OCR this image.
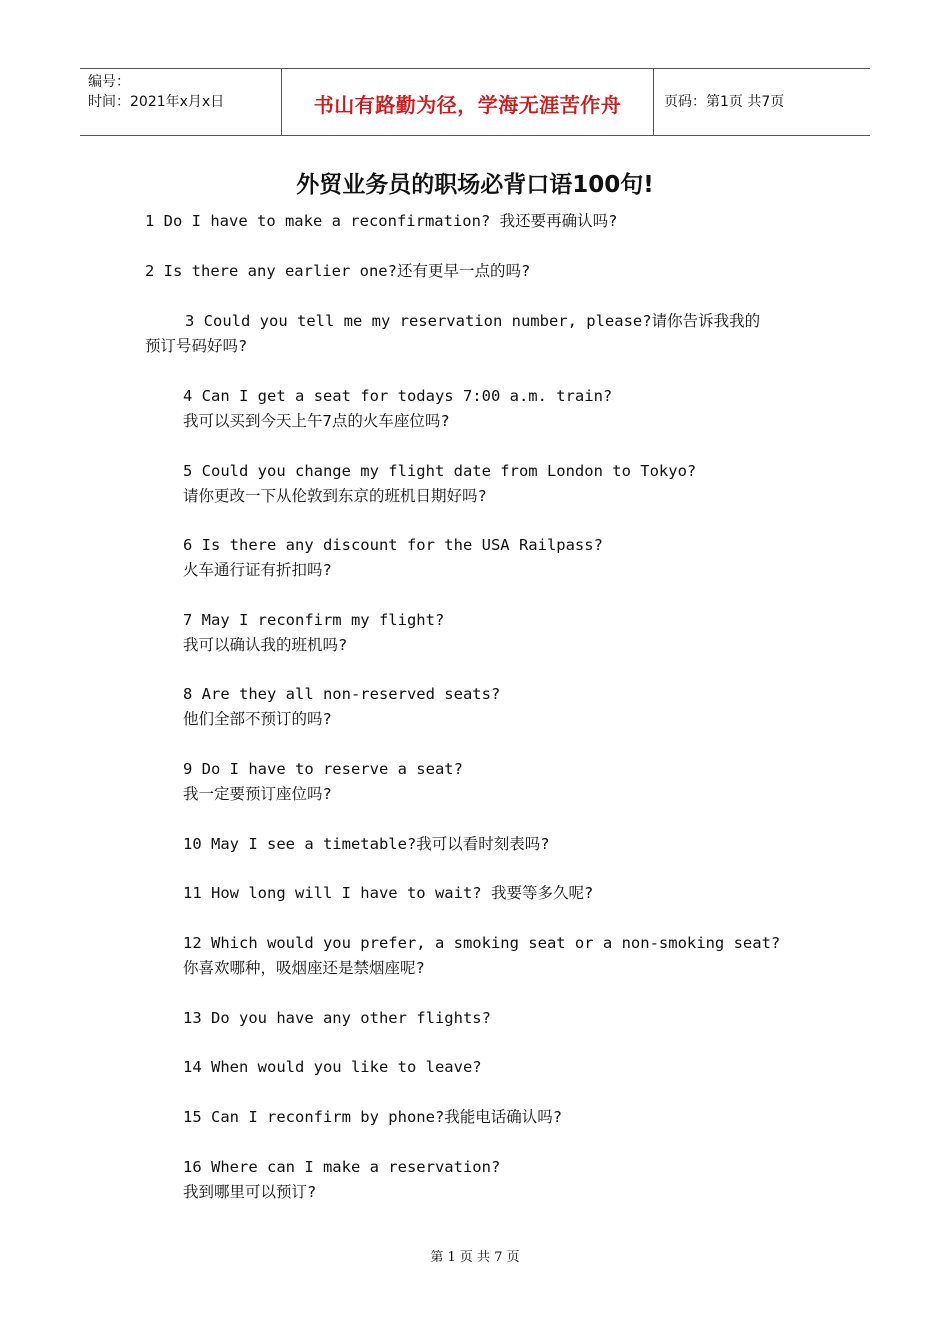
编号：
时间：2021年x月x日	书山有路勤为径，学海无涯苦作舟	页码：第1页 共7页
外贸业务员的职场必背口语100句!

1 Do I have to make a reconfirmation? 我还要再确认吗?

2 Is there any earlier one?还有更早一点的吗?

3 Could you tell me my reservation number, please?请你告诉我我的

预订号码好吗?

4 Can I get a seat for todays 7:00 a.m. train?

我可以买到今天上午7点的火车座位吗?

5 Could you change my flight date from London to Tokyo?

请你更改一下从伦敦到东京的班机日期好吗?

6 Is there any discount for the USA Railpass?

火车通行证有折扣吗?

7 May I reconfirm my flight?

我可以确认我的班机吗?

8 Are they all non-reserved seats?

他们全部不预订的吗?

9 Do I have to reserve a seat?

我一定要预订座位吗?

10 May I see a timetable?我可以看时刻表吗?

11 How long will I have to wait? 我要等多久呢?

12 Which would you prefer, a smoking seat or a non-smoking seat?

你喜欢哪种，吸烟座还是禁烟座呢?

13 Do you have any other flights?

14 When would you like to leave?

15 Can I reconfirm by phone?我能电话确认吗?

16 Where can I make a reservation?

我到哪里可以预订?

第 1 页 共 7 页
